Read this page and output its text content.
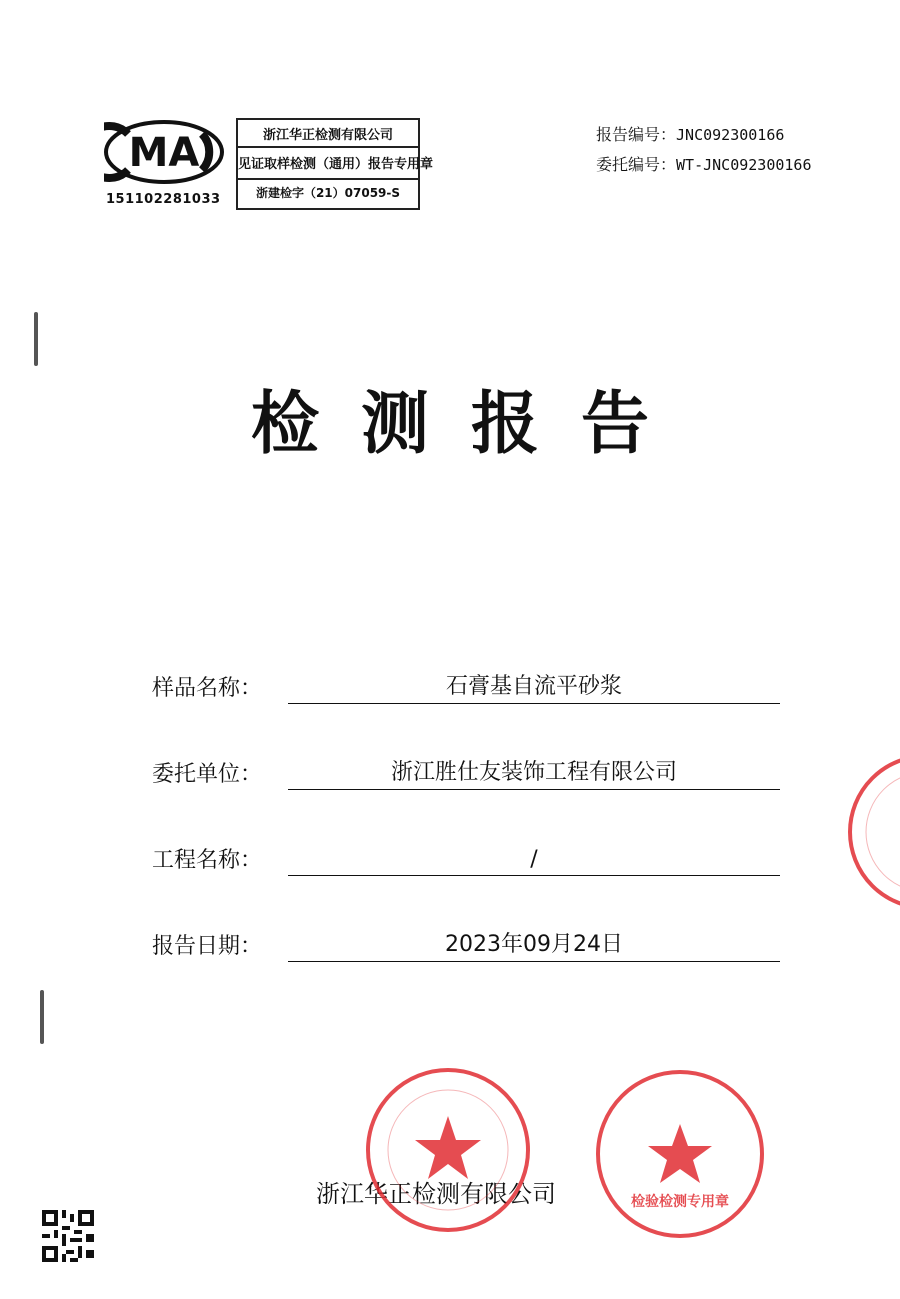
MA
151102281033
浙江华正检测有限公司
见证取样检测（通用）报告专用章
浙建检字（21）07059-S
报告编号：JNC092300166
委托编号：WT-JNC092300166
检测报告
样品名称：	石膏基自流平砂浆
委托单位：	浙江胜仕友装饰工程有限公司
工程名称：	/
报告日期：	2023年09月24日
浙江华正检测有限公司	检验检测专用章
